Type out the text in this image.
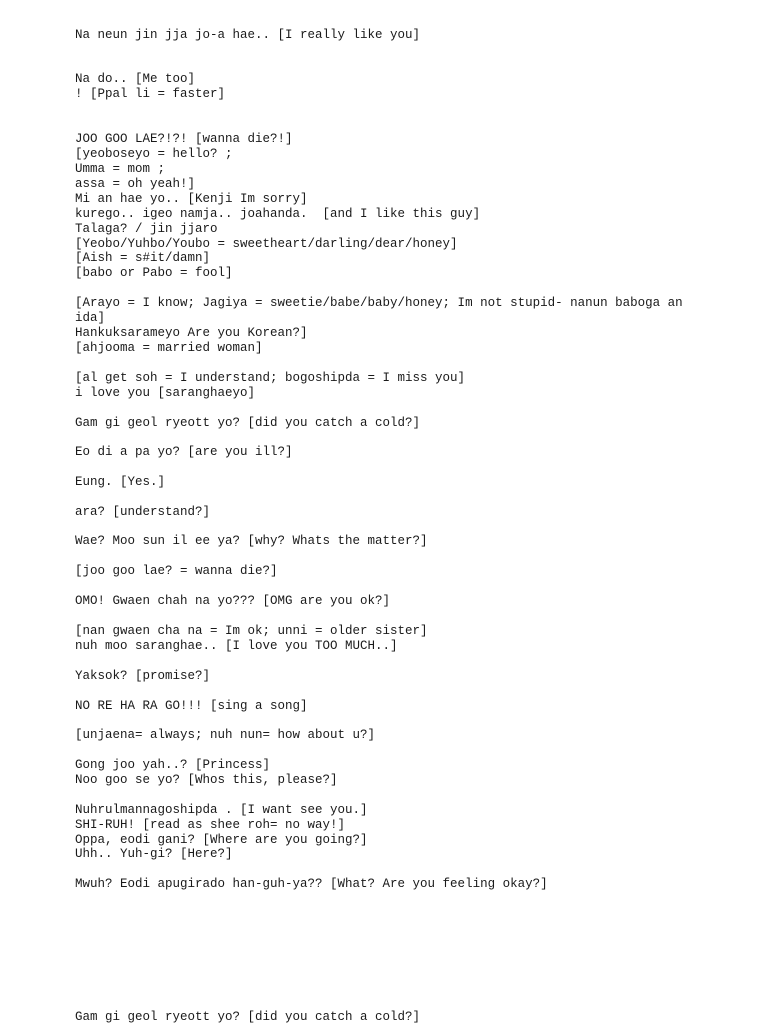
Na neun jin jja jo-a hae.. [I really like you]
Na do.. [Me too]
! [Ppal li = faster]
JOO GOO LAE?!?! [wanna die?!]
[yeoboseyo = hello? ;
Umma = mom ;
assa = oh yeah!]
Mi an hae yo.. [Kenji Im sorry]
kurego.. igeo namja.. joahanda.  [and I like this guy]
Talaga? / jin jjaro
[Yeobo/Yuhbo/Youbo = sweetheart/darling/dear/honey]
[Aish = s#it/damn]
[babo or Pabo = fool]
[Arayo = I know; Jagiya = sweetie/babe/baby/honey; Im not stupid- nanun baboga an
ida]
Hankuksarameyo Are you Korean?]
[ahjooma = married woman]
[al get soh = I understand; bogoshipda = I miss you]
i love you [saranghaeyo]
Gam gi geol ryeott yo? [did you catch a cold?]
Eo di a pa yo? [are you ill?]
Eung. [Yes.]
ara? [understand?]
Wae? Moo sun il ee ya? [why? Whats the matter?]
[joo goo lae? = wanna die?]
OMO! Gwaen chah na yo??? [OMG are you ok?]
[nan gwaen cha na = Im ok; unni = older sister]
nuh moo saranghae.. [I love you TOO MUCH..]
Yaksok? [promise?]
NO RE HA RA GO!!! [sing a song]
[unjaena= always; nuh nun= how about u?]
Gong joo yah..? [Princess]
Noo goo se yo? [Whos this, please?]
Nuhrulmannagoshipda . [I want see you.]
SHI-RUH! [read as shee roh= no way!]
Oppa, eodi gani? [Where are you going?]
Uhh.. Yuh-gi? [Here?]
Mwuh? Eodi apugirado han-guh-ya?? [What? Are you feeling okay?]
Gam gi geol ryeott yo? [did you catch a cold?]
